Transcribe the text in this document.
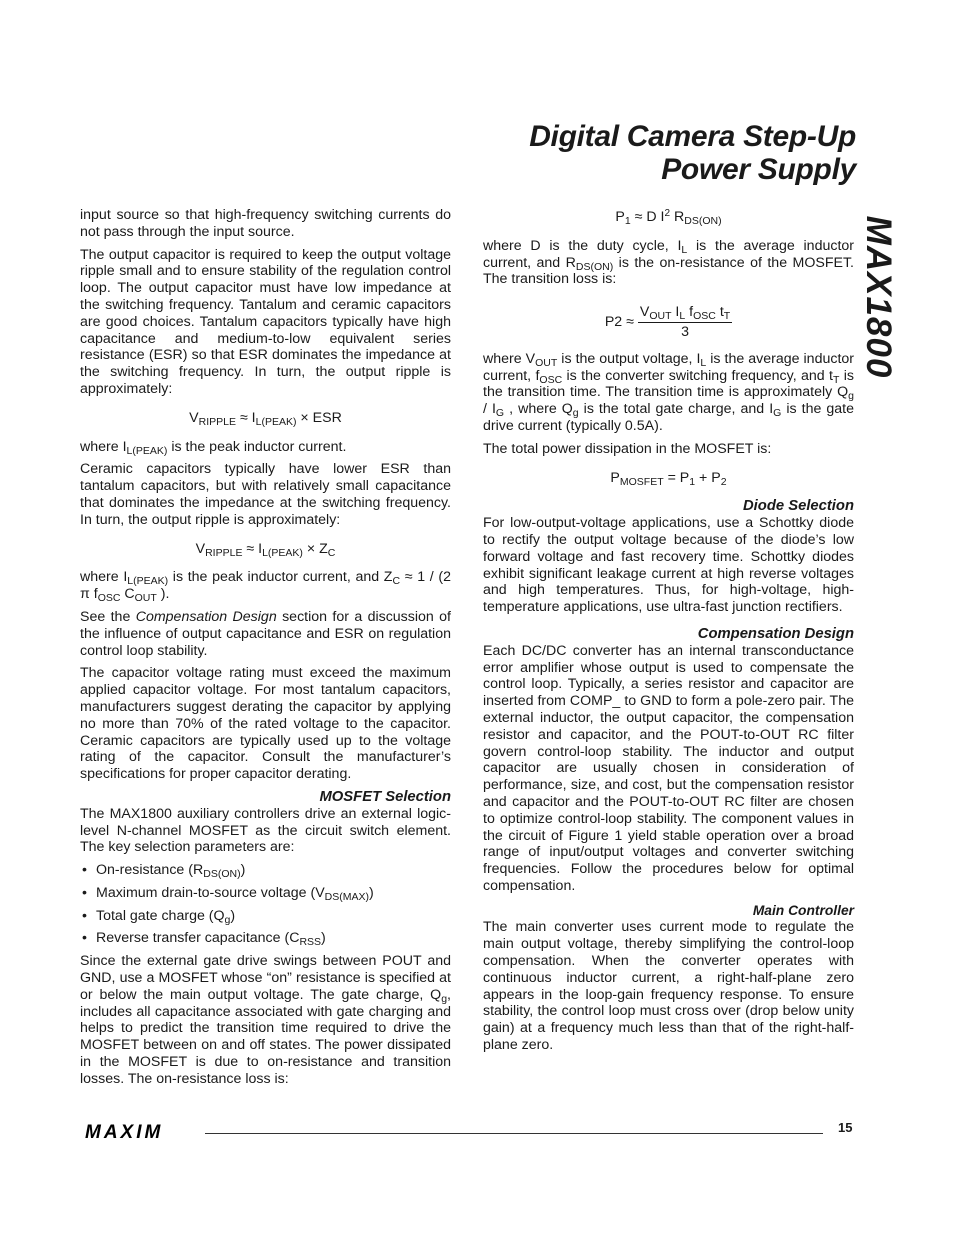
Digital Camera Step-Up
Power Supply
MAX1800

input source so that high-frequency switching currents do not pass through the input source.

The output capacitor is required to keep the output voltage ripple small and to ensure stability of the regulation control loop. The output capacitor must have low impedance at the switching frequency. Tantalum and ceramic capacitors are good choices. Tantalum capacitors typically have high capacitance and medium-to-low equivalent series resistance (ESR) so that ESR dominates the impedance at the switching frequency. In turn, the output ripple is approximately:

$V_{RIPPLE} \approx I_{L(PEAK)}$ × ESR

where $I_{L(PEAK)}$ is the peak inductor current.

Ceramic capacitors typically have lower ESR than tantalum capacitors, but with relatively small capacitance that dominates the impedance at the switching frequency. In turn, the output ripple is approximately:

$V_{RIPPLE} \approx I_{L(PEAK)} \times Z_C$

where $I_{L(PEAK)}$ is the peak inductor current, and $Z_C \approx 1 / (2$ π $f_{OSC}$ $C_{OUT}$ ).

See the Compensation Design section for a discussion of the influence of output capacitance and ESR on regulation control loop stability.

The capacitor voltage rating must exceed the maximum applied capacitor voltage. For most tantalum capacitors, manufacturers suggest derating the capacitor by applying no more than 70% of the rated voltage to the capacitor. Ceramic capacitors are typically used up to the voltage rating of the capacitor. Consult the manufacturer’s specifications for proper capacitor derating.

MOSFET Selection

The MAX1800 auxiliary controllers drive an external logic-level N-channel MOSFET as the circuit switch element. The key selection parameters are:

• On-resistance $(R_{DS(ON)})$
• Maximum drain-to-source voltage $(V_{DS(MAX)})$
• Total gate charge $(Q_g)$
• Reverse transfer capacitance $(C_{RSS})$

Since the external gate drive swings between POUT and GND, use a MOSFET whose “on” resistance is specified at or below the main output voltage. The gate charge, $Q_g$, includes all capacitance associated with gate charging and helps to predict the transition time required to drive the MOSFET between on and off states. The power dissipated in the MOSFET is due to on-resistance and transition losses. The on-resistance loss is:

$P_1 \approx D$ $I^2$ $R_{DS(ON)}$

where D is the duty cycle, $I_L$ is the average inductor current, and $R_{DS(ON)}$ is the on-resistance of the MOSFET. The transition loss is:

$P2 \approx \frac{V_{OUT} I_L f_{OSC} t_T}{3}$

where $V_{OUT}$ is the output voltage, $I_L$ is the average inductor current, $f_{OSC}$ is the converter switching frequency, and $t_T$ is the transition time. The transition time is approximately $Q_g / I_G$ , where $Q_g$ is the total gate charge, and $I_G$ is the gate drive current (typically 0.5A).

The total power dissipation in the MOSFET is:

$P_{MOSFET} = P_1 + P_2$
Diode Selection

For low-output-voltage applications, use a Schottky diode to rectify the output voltage because of the diode’s low forward voltage and fast recovery time. Schottky diodes exhibit significant leakage current at high reverse voltages and high temperatures. Thus, for high-voltage, high-temperature applications, use ultra-fast junction rectifiers.

Compensation Design

Each DC/DC converter has an internal transconductance error amplifier whose output is used to compensate the control loop. Typically, a series resistor and capacitor are inserted from COMP_ to GND to form a pole-zero pair. The external inductor, the output capacitor, the compensation resistor and capacitor, and the POUT-to-OUT RC filter govern control-loop stability. The inductor and output capacitor are usually chosen in consideration of performance, size, and cost, but the compensation resistor and capacitor and the POUT-to-OUT RC filter are chosen to optimize control-loop stability. The component values in the circuit of Figure 1 yield stable operation over a broad range of input/output voltages and converter switching frequencies. Follow the procedures below for optimal compensation.

Main Controller

The main converter uses current mode to regulate the main output voltage, thereby simplifying the control-loop compensation. When the converter operates with continuous inductor current, a right-half-plane zero appears in the loop-gain frequency response. To ensure stability, the control loop must cross over (drop below unity gain) at a frequency much less than that of the right-half-plane zero.

MAXIM	15
